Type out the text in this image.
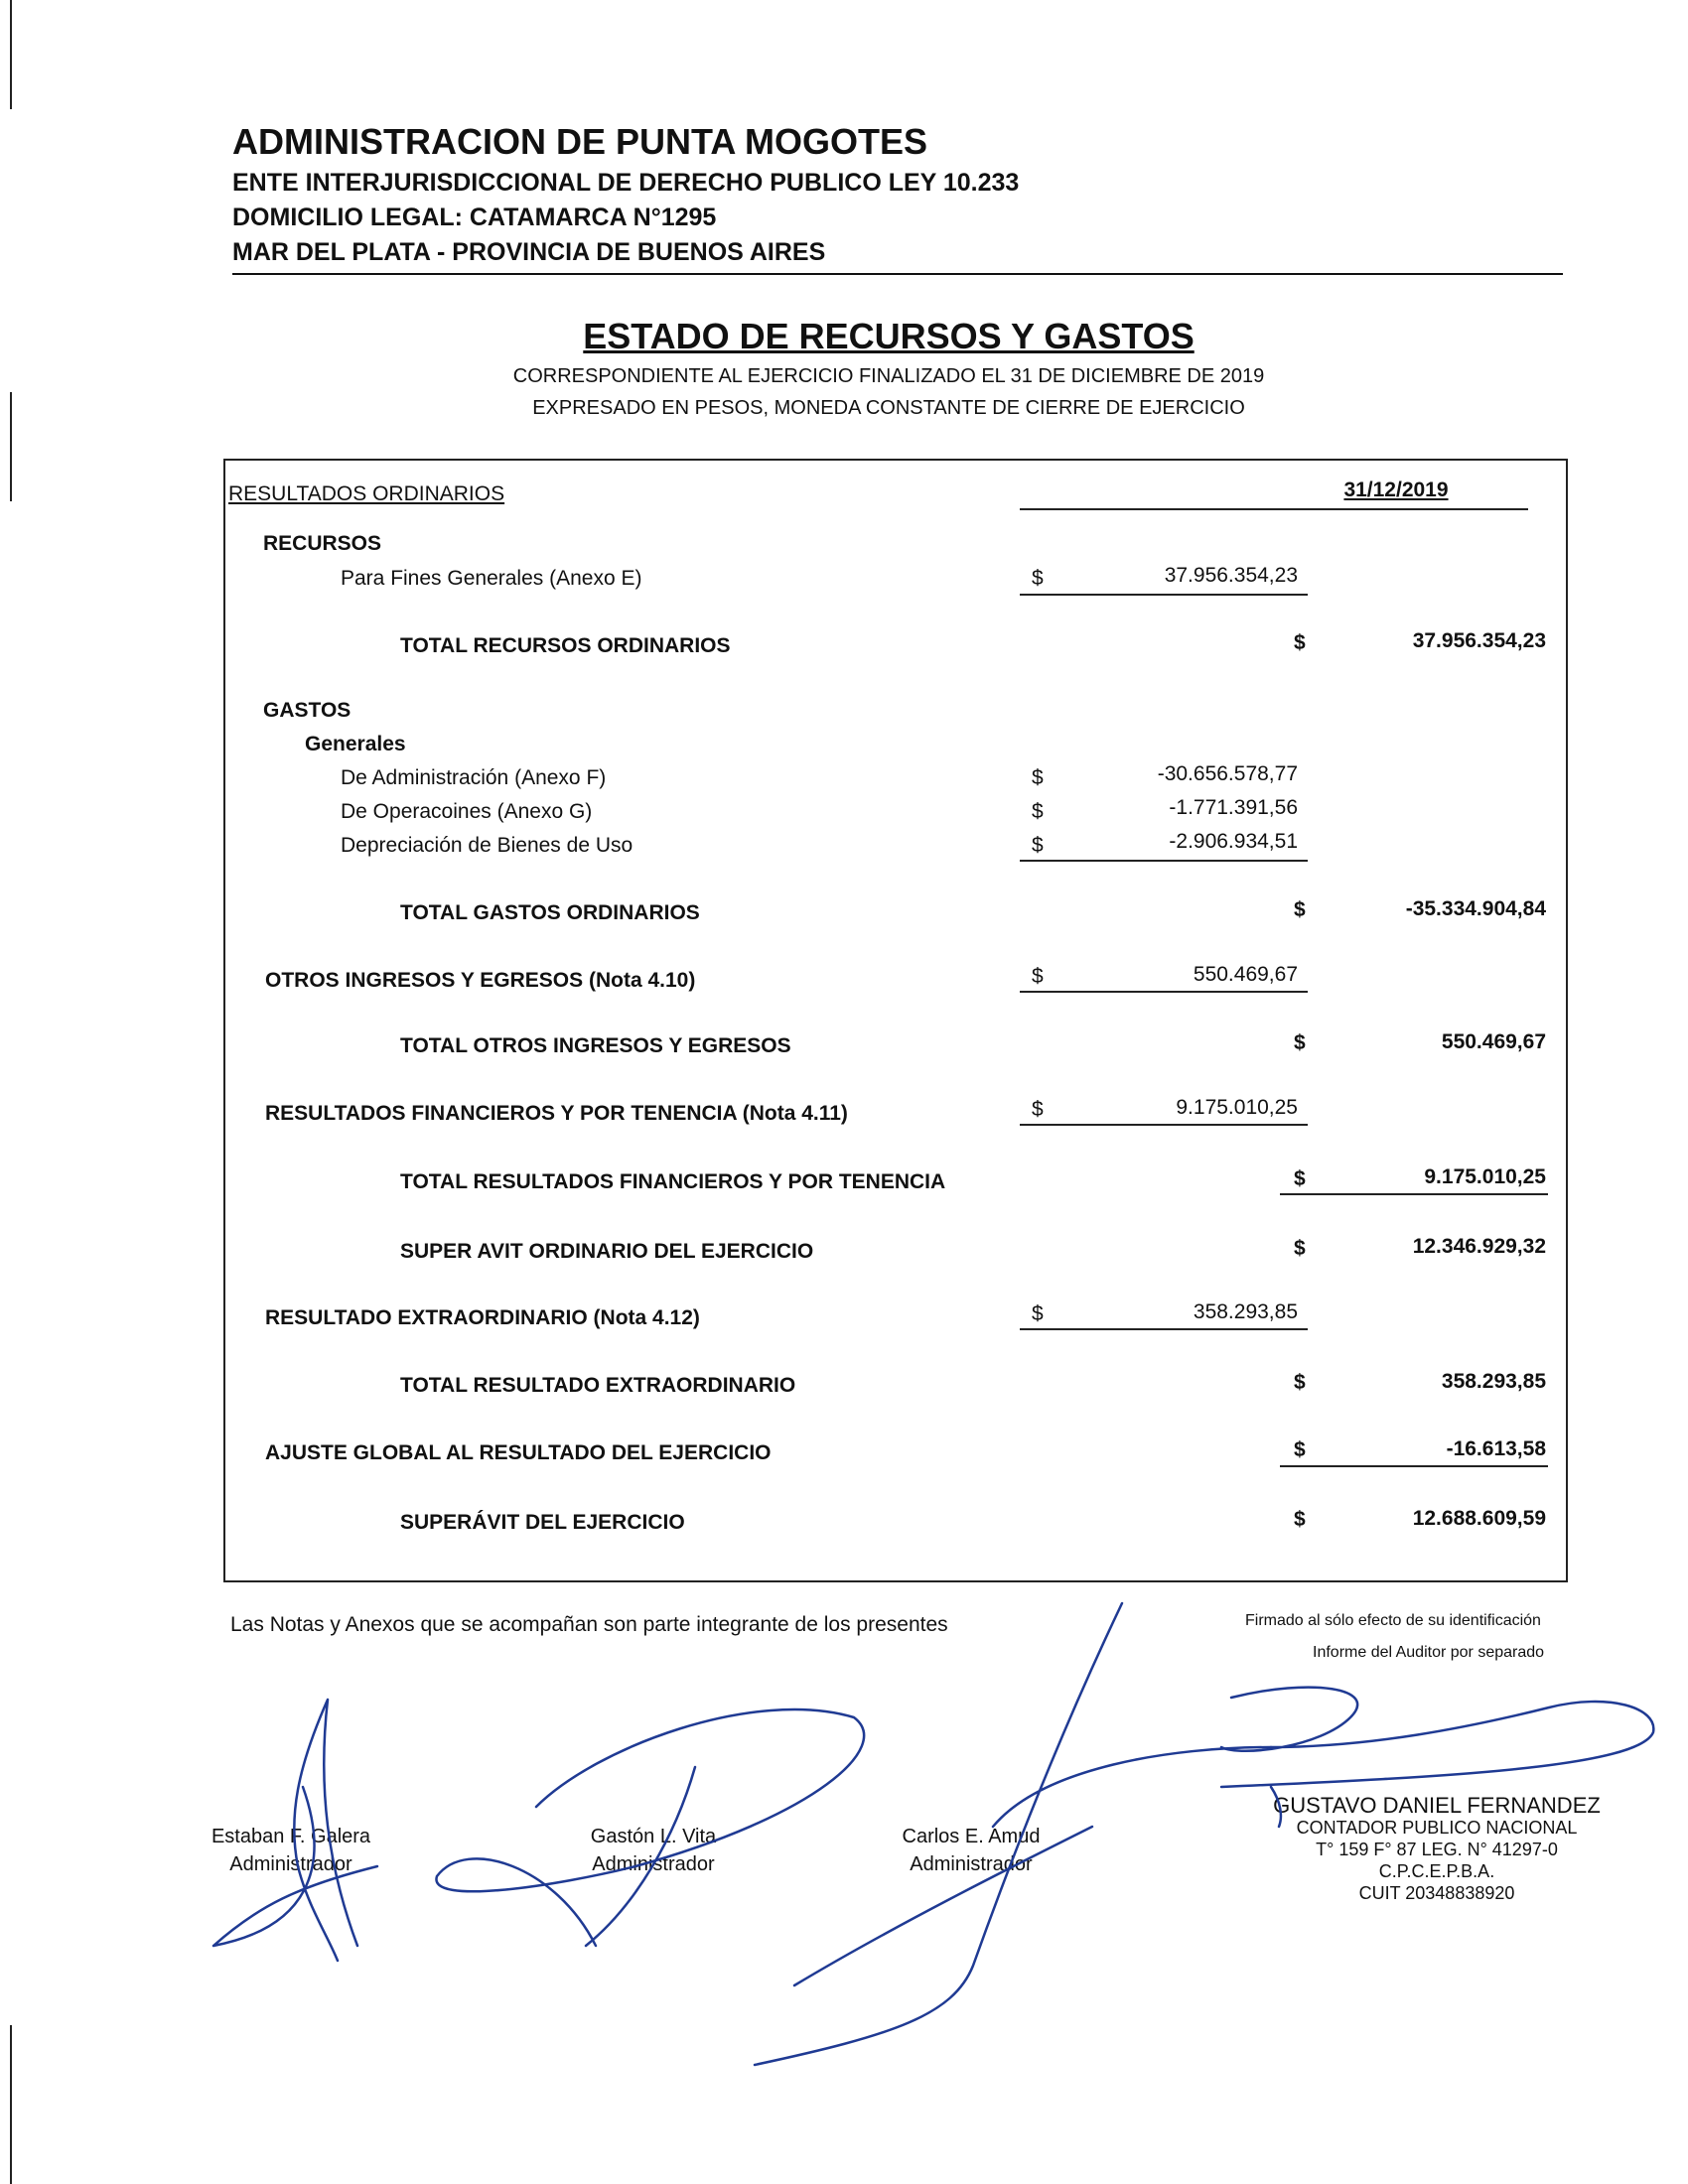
ADMINISTRACION DE PUNTA MOGOTES
ENTE INTERJURISDICCIONAL DE DERECHO PUBLICO LEY 10.233
DOMICILIO LEGAL: CATAMARCA N°1295
MAR DEL PLATA - PROVINCIA DE BUENOS AIRES
ESTADO DE RECURSOS Y GASTOS
CORRESPONDIENTE AL EJERCICIO FINALIZADO EL 31 DE DICIEMBRE DE 2019
EXPRESADO EN PESOS, MONEDA CONSTANTE DE CIERRE DE EJERCICIO
RESULTADOS ORDINARIOS	31/12/2019
RECURSOS
Para Fines Generales (Anexo E)	$	37.956.354,23
TOTAL RECURSOS ORDINARIOS	$	37.956.354,23
GASTOS
Generales
De Administración (Anexo F)	$	-30.656.578,77
De Operacoines (Anexo G)	$	-1.771.391,56
Depreciación de Bienes de Uso	$	-2.906.934,51
TOTAL GASTOS ORDINARIOS	$	-35.334.904,84
OTROS INGRESOS Y EGRESOS (Nota 4.10)	$	550.469,67
TOTAL OTROS INGRESOS Y EGRESOS	$	550.469,67
RESULTADOS FINANCIEROS Y POR TENENCIA (Nota 4.11)	$	9.175.010,25
TOTAL RESULTADOS FINANCIEROS Y POR TENENCIA	$	9.175.010,25
SUPER AVIT ORDINARIO DEL EJERCICIO	$	12.346.929,32
RESULTADO EXTRAORDINARIO (Nota 4.12)	$	358.293,85
TOTAL RESULTADO EXTRAORDINARIO	$	358.293,85
AJUSTE GLOBAL AL RESULTADO DEL EJERCICIO	$	-16.613,58
SUPERÁVIT DEL EJERCICIO	$	12.688.609,59
Las Notas y Anexos que se acompañan son parte integrante de los presentes	Firmado al sólo efecto de su identificación
Informe del Auditor por separado
Estaban F. Galera
Administrador
Gastón L. Vita
Administrador
Carlos E. Amud
Administrador
GUSTAVO DANIEL FERNANDEZ
CONTADOR PUBLICO NACIONAL
T° 159 F° 87 LEG. N° 41297-0
C.P.C.E.P.B.A.
CUIT 20348838920
